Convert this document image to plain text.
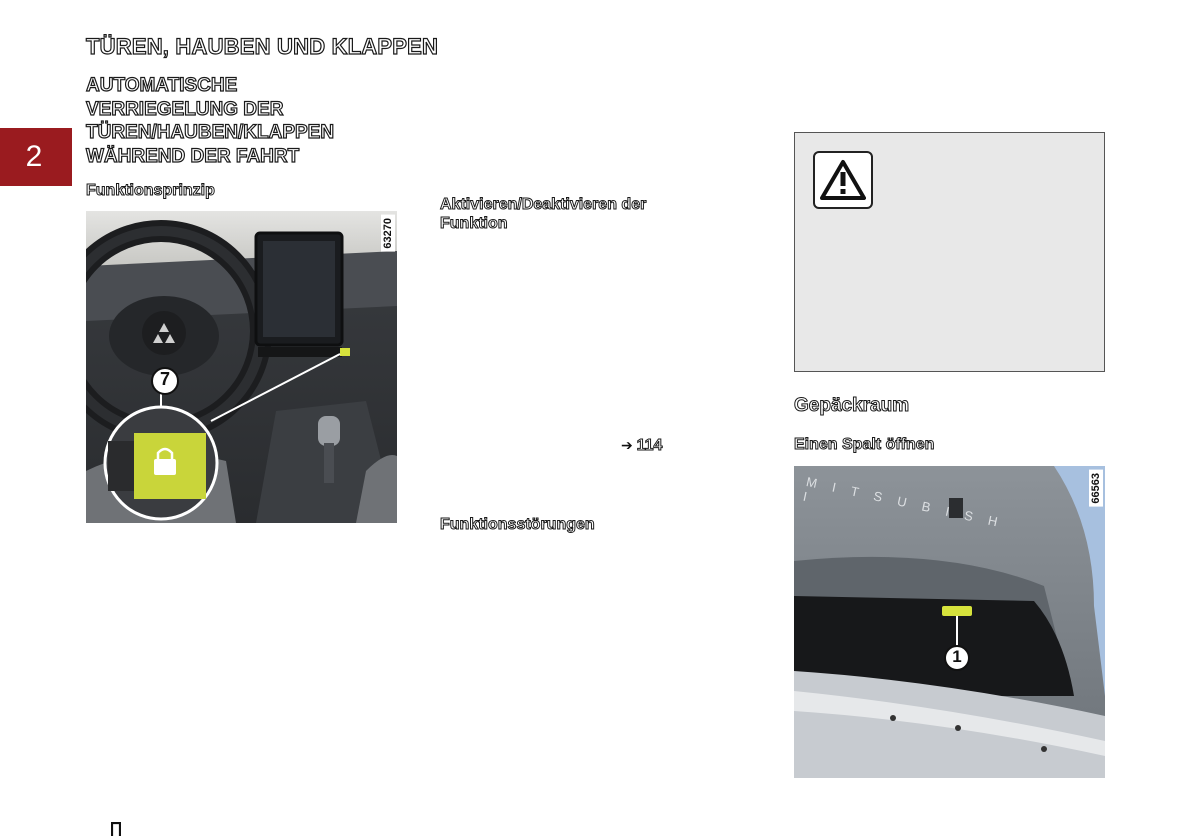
TÜREN, HAUBEN UND KLAPPEN
AUTOMATISCHE
VERRIEGELUNG DER
TÜREN/HAUBEN/KLAPPEN
WÄHREND DER FAHRT
2
Funktionsprinzip
7
63270
Aktivieren/Deaktivieren der Funktion
➔ 114
Funktionsstörungen
Gepäckraum
Einen Spalt öffnen
M I T S U B I S H I
1
66563
